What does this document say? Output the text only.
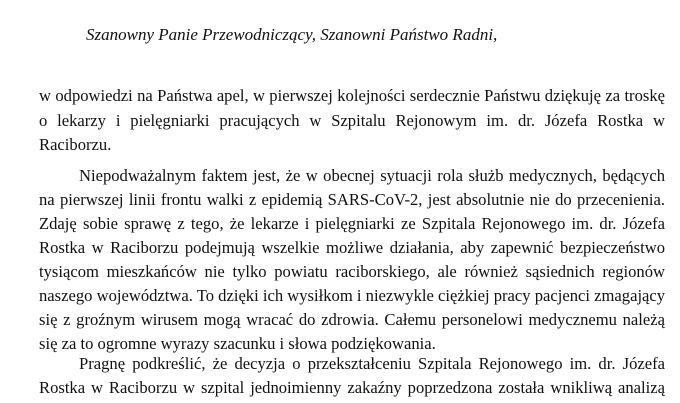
Szanowny Panie Przewodniczący, Szanowni Państwo Radni,
w odpowiedzi na Państwa apel, w pierwszej kolejności serdecznie Państwu dziękuję za troskę
o lekarzy i pielęgniarki pracujących w Szpitalu Rejonowym im. dr. Józefa Rostka w
Raciborzu.
Niepodważalnym faktem jest, że w obecnej sytuacji rola służb medycznych, będących
na pierwszej linii frontu walki z epidemią SARS-CoV-2, jest absolutnie nie do przecenienia.
Zdaję sobie sprawę z tego, że lekarze i pielęgniarki ze Szpitala Rejonowego im. dr. Józefa
Rostka w Raciborzu podejmują wszelkie możliwe działania, aby zapewnić bezpieczeństwo
tysiącom mieszkańców nie tylko powiatu raciborskiego, ale również sąsiednich regionów
naszego województwa. To dzięki ich wysiłkom i niezwykle ciężkiej pracy pacjenci zmagający
się z groźnym wirusem mogą wracać do zdrowia. Całemu personelowi medycznemu należą
się za to ogromne wyrazy szacunku i słowa podziękowania.
Pragnę podkreślić, że decyzja o przekształceniu Szpitala Rejonowego im. dr. Józefa
Rostka w Raciborzu w szpital jednoimienny zakaźny poprzedzona została wnikliwą analizą
